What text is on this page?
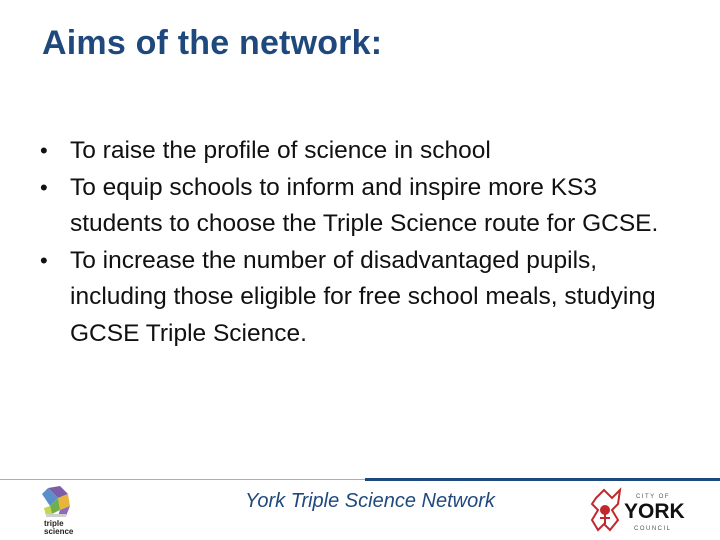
Aims of the network:
• To raise the profile of science in school
• To equip schools to inform and inspire more KS3 students to choose the Triple Science route for GCSE.
• To increase the number of disadvantaged pupils, including those eligible for free school meals, studying GCSE Triple Science.
York Triple Science Network
triple
science
CITY OF
YORK
COUNCIL
